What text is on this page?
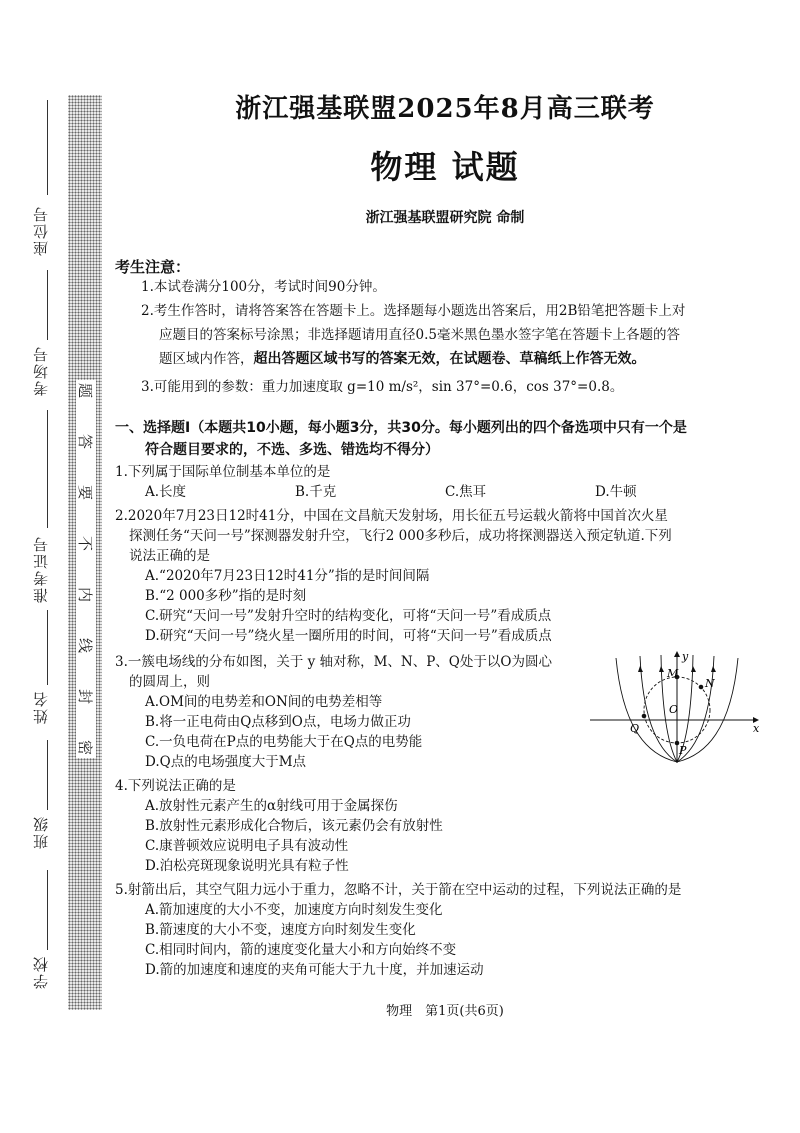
座位号
考场号
准考证号
姓名
班级
学校
题
答
要
不
内
线
封
密
浙江强基联盟2025年8月高三联考
物理 试题
浙江强基联盟研究院 命制
考生注意：
1.本试卷满分100分，考试时间90分钟。
2.考生作答时，请将答案答在答题卡上。选择题每小题选出答案后，用2B铅笔把答题卡上对
应题目的答案标号涂黑；非选择题请用直径0.5毫米黑色墨水签字笔在答题卡上各题的答
题区域内作答，超出答题区域书写的答案无效，在试题卷、草稿纸上作答无效。
3.可能用到的参数：重力加速度取 g=10 m/s²，sin 37°=0.6，cos 37°=0.8。
一、选择题Ⅰ（本题共10小题，每小题3分，共30分。每小题列出的四个备选项中只有一个是
符合题目要求的，不选、多选、错选均不得分）
1.下列属于国际单位制基本单位的是
A.长度	B.千克	C.焦耳	D.牛顿
2.2020年7月23日12时41分，中国在文昌航天发射场，用长征五号运载火箭将中国首次火星
探测任务“天问一号”探测器发射升空，飞行2 000多秒后，成功将探测器送入预定轨道.下列
说法正确的是
A.“2020年7月23日12时41分”指的是时间间隔
B.“2 000多秒”指的是时刻
C.研究“天问一号”发射升空时的结构变化，可将“天问一号”看成质点
D.研究“天问一号”绕火星一圈所用的时间，可将“天问一号”看成质点
3.一簇电场线的分布如图，关于 y 轴对称，M、N、P、Q处于以O为圆心
的圆周上，则
A.OM间的电势差和ON间的电势差相等
B.将一正电荷由Q点移到O点，电场力做正功
C.一负电荷在P点的电势能大于在Q点的电势能
D.Q点的电场强度大于M点
4.下列说法正确的是
A.放射性元素产生的α射线可用于金属探伤
B.放射性元素形成化合物后，该元素仍会有放射性
C.康普顿效应说明电子具有波动性
D.泊松亮斑现象说明光具有粒子性
5.射箭出后，其空气阻力远小于重力，忽略不计，关于箭在空中运动的过程，下列说法正确的是
A.箭加速度的大小不变，加速度方向时刻发生变化
B.箭速度的大小不变，速度方向时刻发生变化
C.相同时间内，箭的速度变化量大小和方向始终不变
D.箭的加速度和速度的夹角可能大于九十度，并加速运动
物理　第1页(共6页)
M
N
O
Q
P
y
x
